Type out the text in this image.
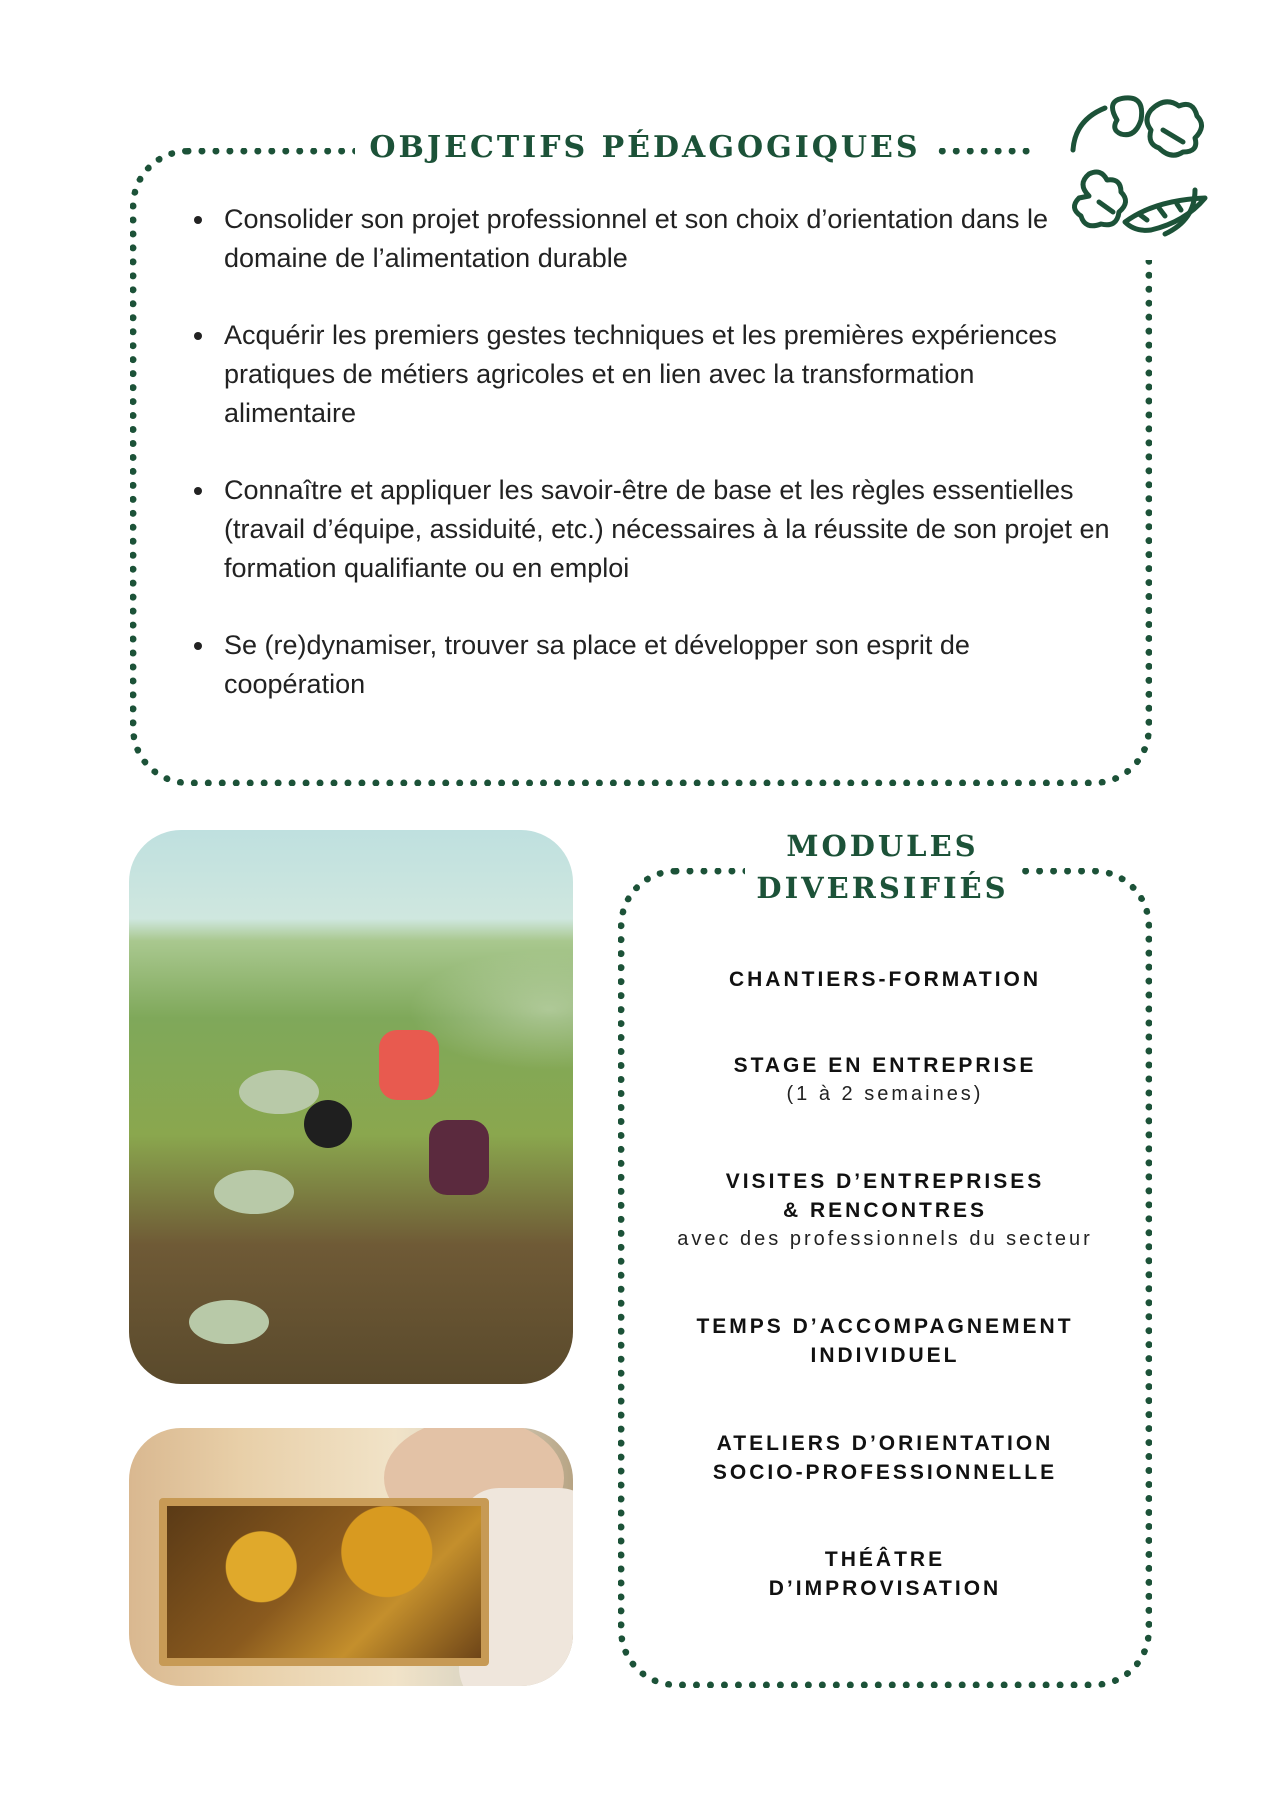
OBJECTIFS PÉDAGOGIQUES
Consolider son projet professionnel et son choix d’orientation dans le domaine de l’alimentation durable
Acquérir les premiers gestes techniques et les premières expériences pratiques de métiers agricoles et en lien avec la transformation alimentaire
Connaître et appliquer les savoir-être de base et les règles essentielles (travail d’équipe, assiduité, etc.) nécessaires à la réussite de son projet en formation qualifiante ou en emploi
Se (re)dynamiser, trouver sa place et développer son esprit de coopération
MODULES
DIVERSIFIÉS
CHANTIERS-FORMATION
STAGE EN ENTREPRISE
(1 à 2 semaines)
VISITES D’ENTREPRISES
& RENCONTRES
avec des professionnels du secteur
TEMPS D’ACCOMPAGNEMENT
INDIVIDUEL
ATELIERS D’ORIENTATION
SOCIO-PROFESSIONNELLE
THÉÂTRE
D’IMPROVISATION
